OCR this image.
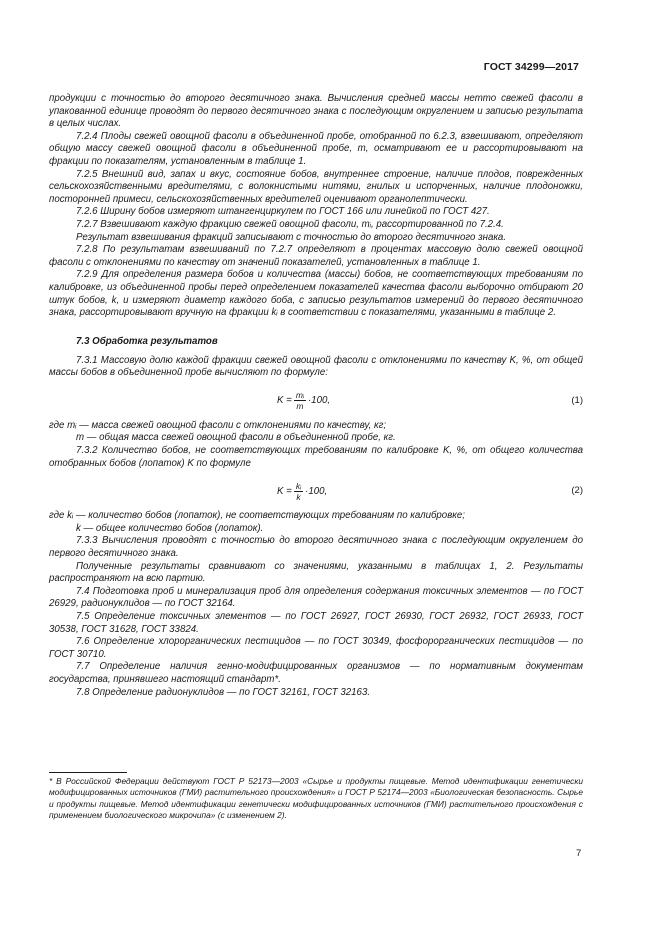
ГОСТ 34299—2017

продукции с точностью до второго десятичного знака. Вычисления средней массы нетто свежей фасоли в упакованной единице проводят до первого десятичного знака с последующим округлением и записью результата в целых числах.

7.2.4 Плоды свежей овощной фасоли в объединенной пробе, отобранной по 6.2.3, взвешивают, определяют общую массу свежей овощной фасоли в объединенной пробе, m, осматривают ее и рассортировывают на фракции по показателям, установленным в таблице 1.

7.2.5 Внешний вид, запах и вкус, состояние бобов, внутреннее строение, наличие плодов, поврежденных сельскохозяйственными вредителями, с волокнистыми нитями, гнилых и испорченных, наличие плодоножки, посторонней примеси, сельскохозяйственных вредителей оценивают органолептически.

7.2.6 Ширину бобов измеряют штангенциркулем по ГОСТ 166 или линейкой по ГОСТ 427.

7.2.7 Взвешивают каждую фракцию свежей овощной фасоли, mᵢ, рассортированной по 7.2.4.

Результат взвешивания фракций записывают с точностью до второго десятичного знака.

7.2.8 По результатам взвешиваний по 7.2.7 определяют в процентах массовую долю свежей овощной фасоли с отклонениями по качеству от значений показателей, установленных в таблице 1.

7.2.9 Для определения размера бобов и количества (массы) бобов, не соответствующих требованиям по калибровке, из объединенной пробы перед определением показателей качества фасоли выборочно отбирают 20 штук бобов, k, и измеряют диаметр каждого боба, с записью результатов измерений до первого десятичного знака, рассортировывают вручную на фракции kᵢ в соответствии с показателями, указанными в таблице 2.

7.3 Обработка результатов

7.3.1 Массовую долю каждой фракции свежей овощной фасоли с отклонениями по качеству K, %, от общей массы бобов в объединенной пробе вычисляют по формуле:

$K = \frac{\text{mᵢ}}{m} \cdot 100$,	(1)

где mᵢ — масса свежей овощной фасоли с отклонениями по качеству, кг;

m — общая масса свежей овощной фасоли в объединенной пробе, кг.

7.3.2 Количество бобов, не соответствующих требованиям по калибровке K, %, от общего количества отобранных бобов (лопаток) K по формуле

$K = \frac{\text{kᵢ}}{k} \cdot 100$,	(2)

где kᵢ — количество бобов (лопаток), не соответствующих требованиям по калибровке;

k — общее количество бобов (лопаток).

7.3.3 Вычисления проводят с точностью до второго десятичного знака с последующим округлением до первого десятичного знака.

Полученные результаты сравнивают со значениями, указанными в таблицах 1, 2. Результаты распространяют на всю партию.

7.4 Подготовка проб и минерализация проб для определения содержания токсичных элементов — по ГОСТ 26929, радионуклидов — по ГОСТ 32164.

7.5 Определение токсичных элементов — по ГОСТ 26927, ГОСТ 26930, ГОСТ 26932, ГОСТ 26933, ГОСТ 30538, ГОСТ 31628, ГОСТ 33824.

7.6 Определение хлорорганических пестицидов — по ГОСТ 30349, фосфорорганических пестицидов — по ГОСТ 30710.

7.7 Определение наличия генно-модифицированных организмов — по нормативным документам государства, принявшего настоящий стандарт*.

7.8 Определение радионуклидов — по ГОСТ 32161, ГОСТ 32163.

* В Российской Федерации действуют ГОСТ Р 52173—2003 «Сырье и продукты пищевые. Метод идентификации генетически модифицированных источников (ГМИ) растительного происхождения» и ГОСТ Р 52174—2003 «Биологическая безопасность. Сырье и продукты пищевые. Метод идентификации генетически модифицированных источников (ГМИ) растительного происхождения с применением биологического микрочипа» (с изменением 2).
7
